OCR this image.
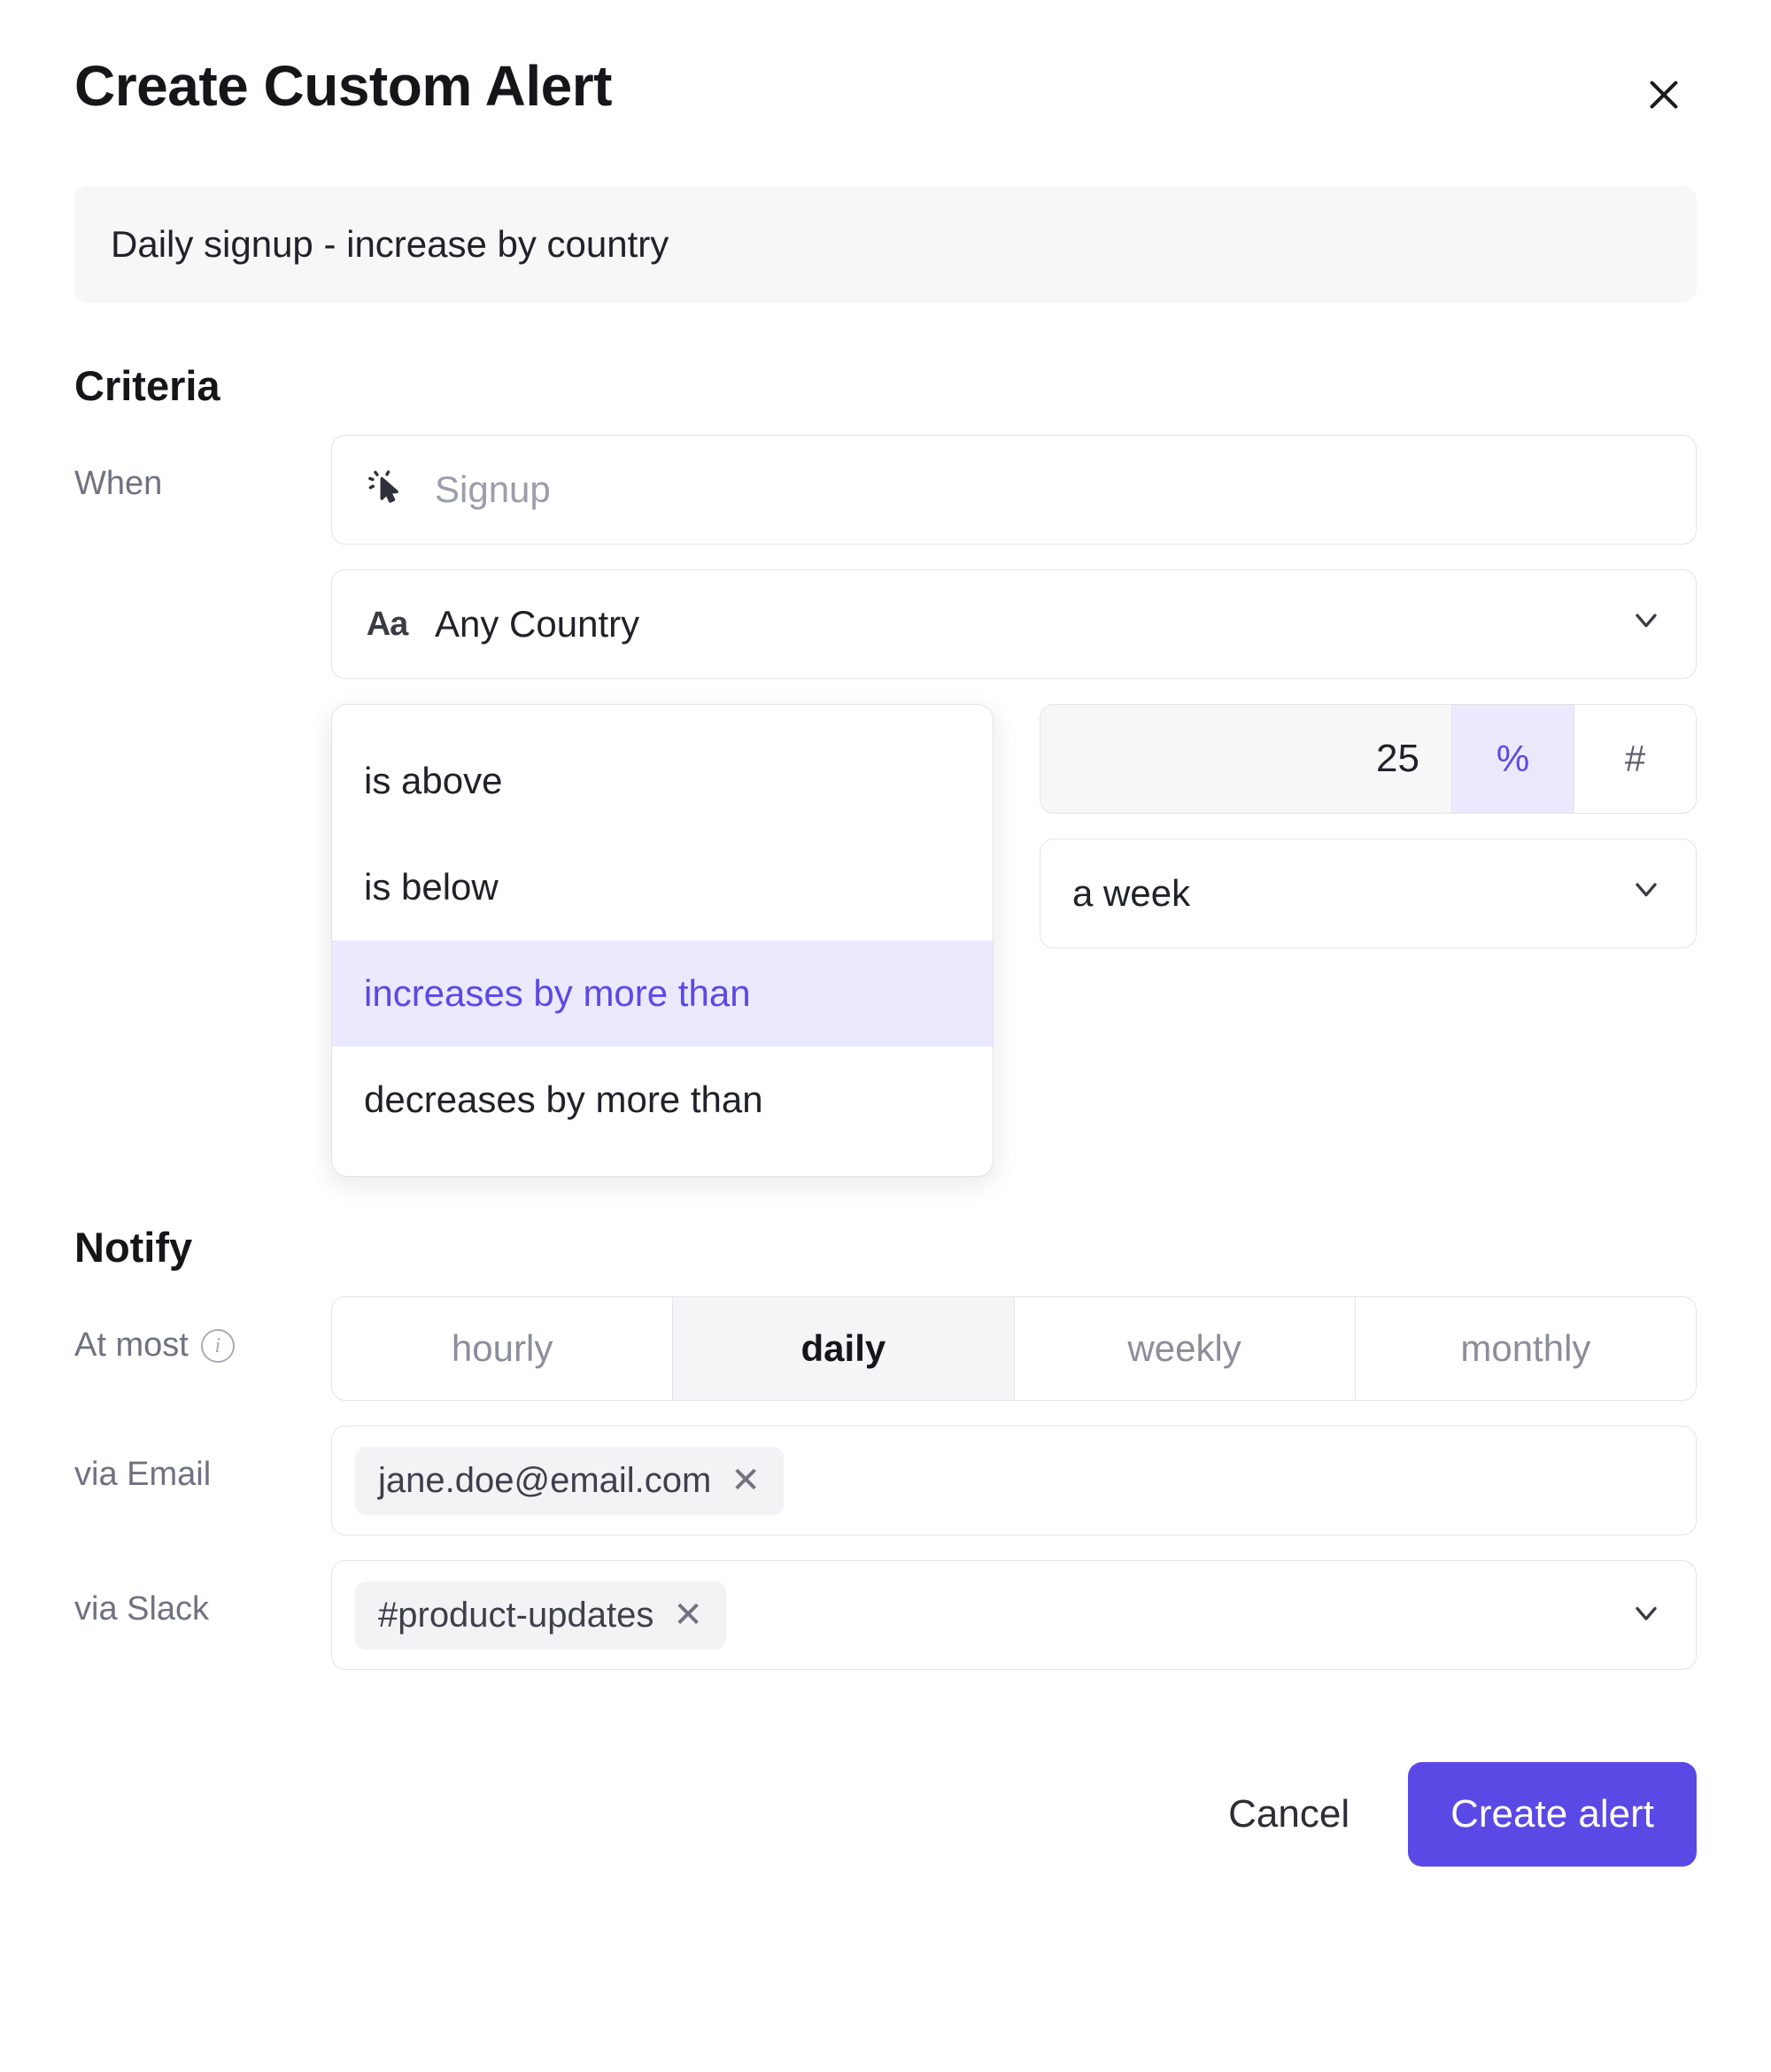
Create Custom Alert
Daily signup - increase by country
Criteria
When	Signup
Aa Any Country
is above
is below
increases by more than
decreases by more than
25	%	#
a week
Notify
At most	i	hourly	daily	weekly	monthly
via Email	jane.doe@email.com ✕
via Slack	#product-updates ✕
Cancel	Create alert
